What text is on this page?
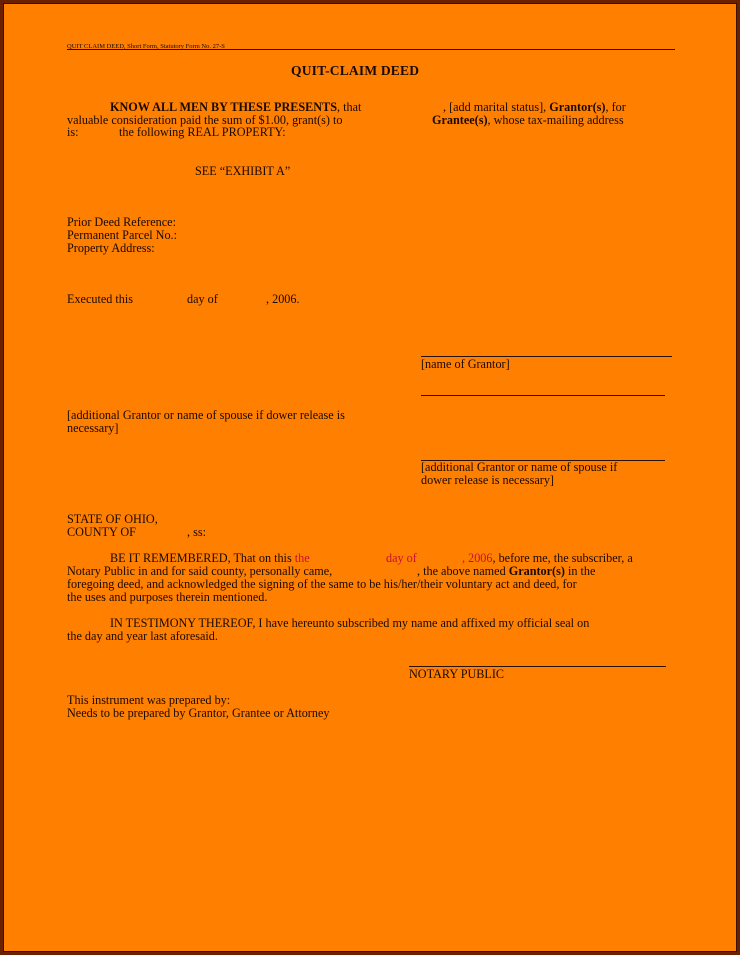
QUIT CLAIM DEED, Short Form, Statutory Form No. 27-S
QUIT-CLAIM DEED
KNOW ALL MEN BY THESE PRESENTS, that	, [add marital status], Grantor(s), for
valuable consideration paid the sum of $1.00, grant(s) to	Grantee(s), whose tax-mailing address
is:	the following REAL PROPERTY:
SEE “EXHIBIT A”
Prior Deed Reference:
Permanent Parcel No.:
Property Address:
Executed this	day of	, 2006.
[name of Grantor]
[additional Grantor or name of spouse if dower release is
necessary]
[additional Grantor or name of spouse if
dower release is necessary]
STATE OF OHIO,
COUNTY OF	, ss:
BE IT REMEMBERED, That on this the	day of	, 2006, before me, the subscriber, a
Notary Public in and for said county, personally came,	, the above named Grantor(s) in the
foregoing deed, and acknowledged the signing of the same to be his/her/their voluntary act and deed, for
the uses and purposes therein mentioned.
IN TESTIMONY THEREOF, I have hereunto subscribed my name and affixed my official seal on
the day and year last aforesaid.
NOTARY PUBLIC
This instrument was prepared by:
Needs to be prepared by Grantor, Grantee or Attorney
